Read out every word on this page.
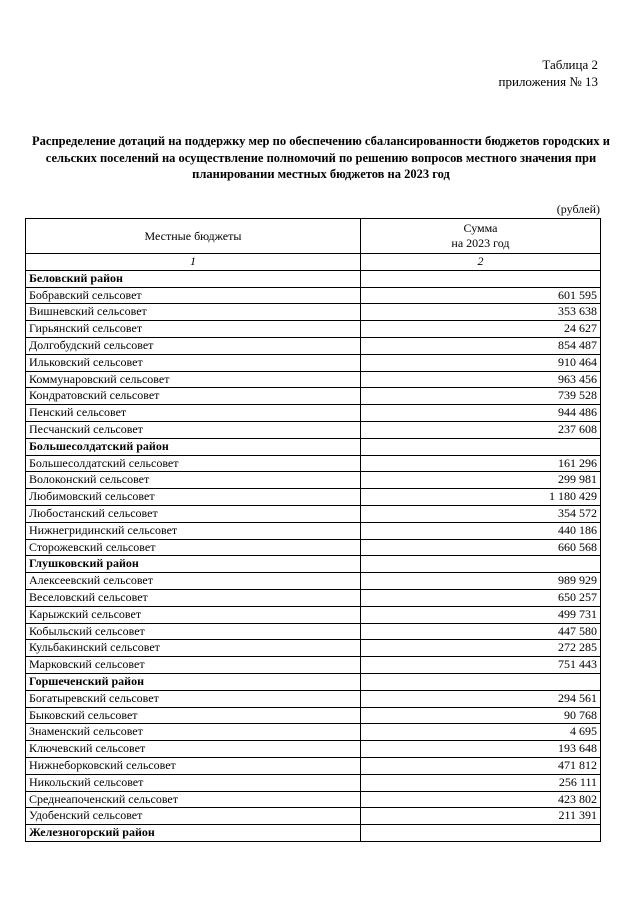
Таблица 2
приложения № 13
Распределение дотаций на поддержку мер по обеспечению сбалансированности бюджетов городских и сельских поселений на осуществление полномочий по решению вопросов местного значения при планировании местных бюджетов на 2023 год
(рублей)
Местные бюджеты	Сумма
на 2023 год

1	2
Беловский район	
Бобравский сельсовет	601 595
Вишневский сельсовет	353 638
Гирьянский сельсовет	24 627
Долгобудский сельсовет	854 487
Ильковский сельсовет	910 464
Коммунаровский сельсовет	963 456
Кондратовский сельсовет	739 528
Пенский сельсовет	944 486
Песчанский сельсовет	237 608
Большесолдатский район	
Большесолдатский сельсовет	161 296
Волоконский сельсовет	299 981
Любимовский сельсовет	1 180 429
Любостанский сельсовет	354 572
Нижнегридинский сельсовет	440 186
Сторожевский сельсовет	660 568
Глушковский район	
Алексеевский сельсовет	989 929
Веселовский сельсовет	650 257
Карыжский сельсовет	499 731
Кобыльский сельсовет	447 580
Кульбакинский сельсовет	272 285
Марковский сельсовет	751 443
Горшеченский район	
Богатыревский сельсовет	294 561
Быковский сельсовет	90 768
Знаменский сельсовет	4 695
Ключевский сельсовет	193 648
Нижнеборковский сельсовет	471 812
Никольский сельсовет	256 111
Среднеапоченский сельсовет	423 802
Удобенский сельсовет	211 391
Железногорский район	
